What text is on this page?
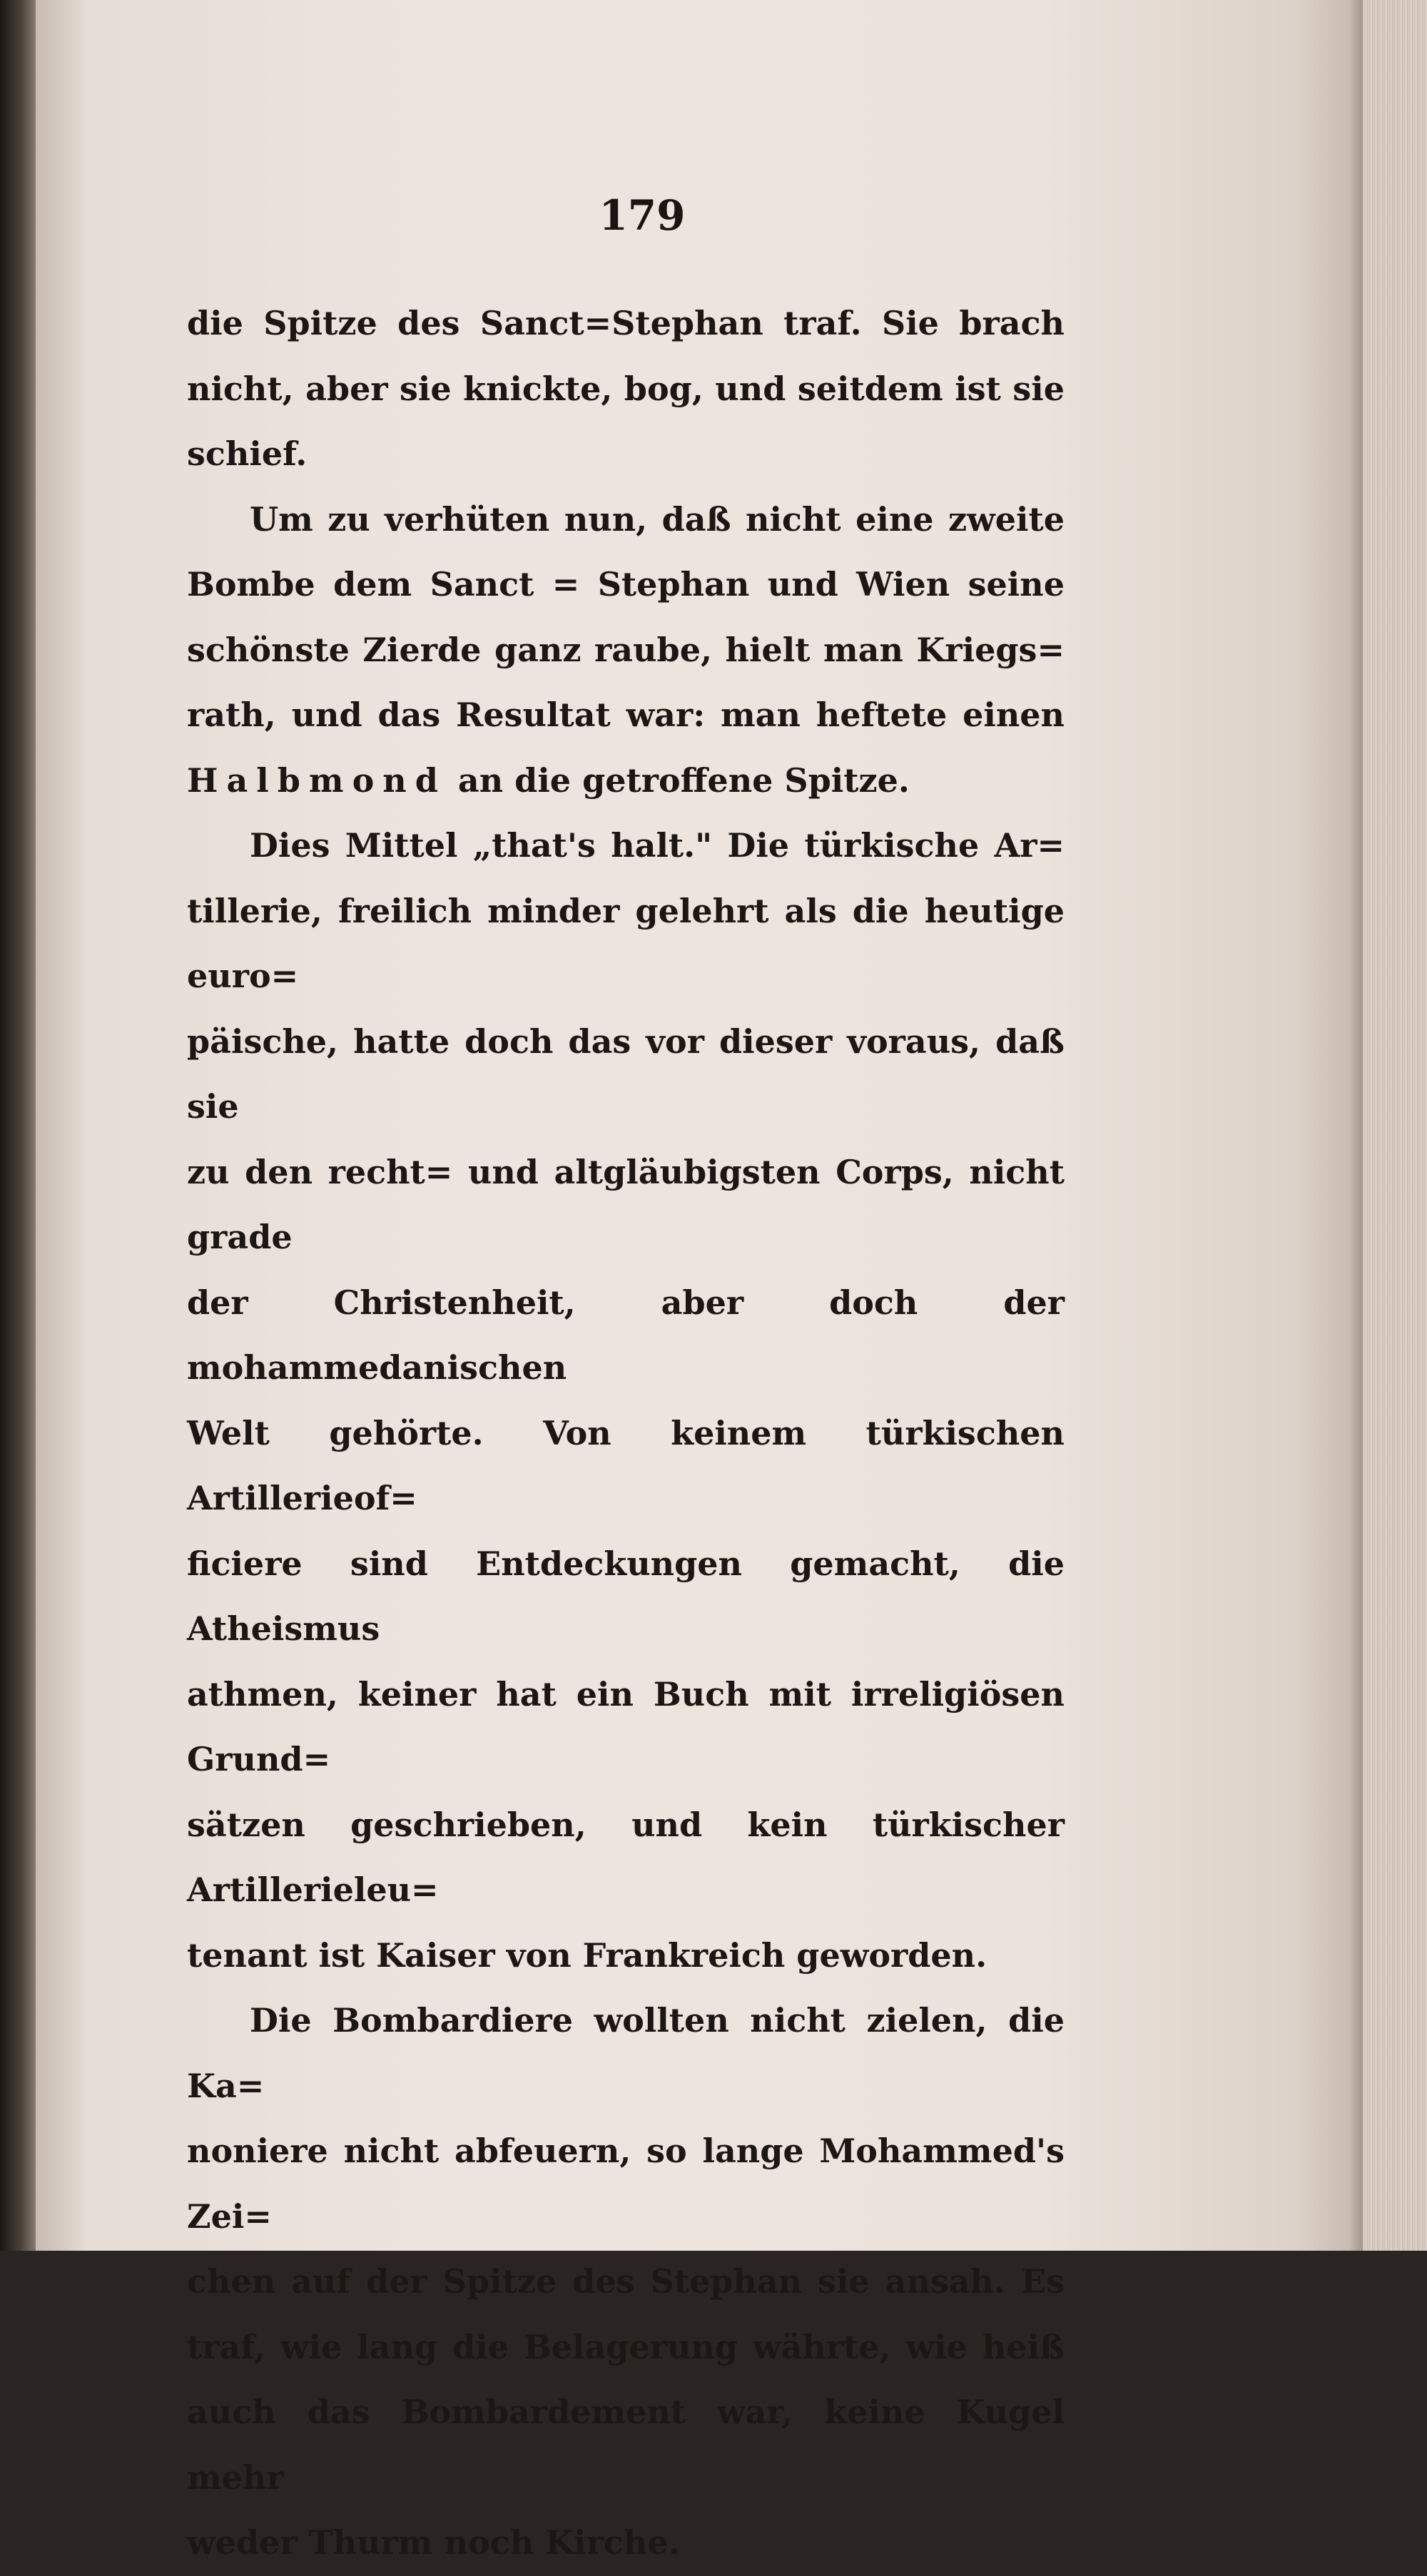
179

die Spitze des Sanct=Stephan traf. Sie brach
nicht, aber sie knickte, bog, und seitdem ist sie

schief.

Um zu verhüten nun, daß nicht eine zweite
Bombe dem Sanct = Stephan und Wien seine
schönste Zierde ganz raube, hielt man Kriegs=
rath, und das Resultat war: man heftete einen

Halbmond an die getroffene Spitze.

Dies Mittel „that's halt." Die türkische Ar=
tillerie, freilich minder gelehrt als die heutige euro=
päische, hatte doch das vor dieser voraus, daß sie
zu den recht= und altgläubigsten Corps, nicht grade
der Christenheit, aber doch der mohammedanischen
Welt gehörte. Von keinem türkischen Artillerieof=
ficiere sind Entdeckungen gemacht, die Atheismus
athmen, keiner hat ein Buch mit irreligiösen Grund=
sätzen geschrieben, und kein türkischer Artillerieleu=

tenant ist Kaiser von Frankreich geworden.

Die Bombardiere wollten nicht zielen, die Ka=
noniere nicht abfeuern, so lange Mohammed's Zei=
chen auf der Spitze des Stephan sie ansah. Es
traf, wie lang die Belagerung währte, wie heiß
auch das Bombardement war, keine Kugel mehr

weder Thurm noch Kirche.
